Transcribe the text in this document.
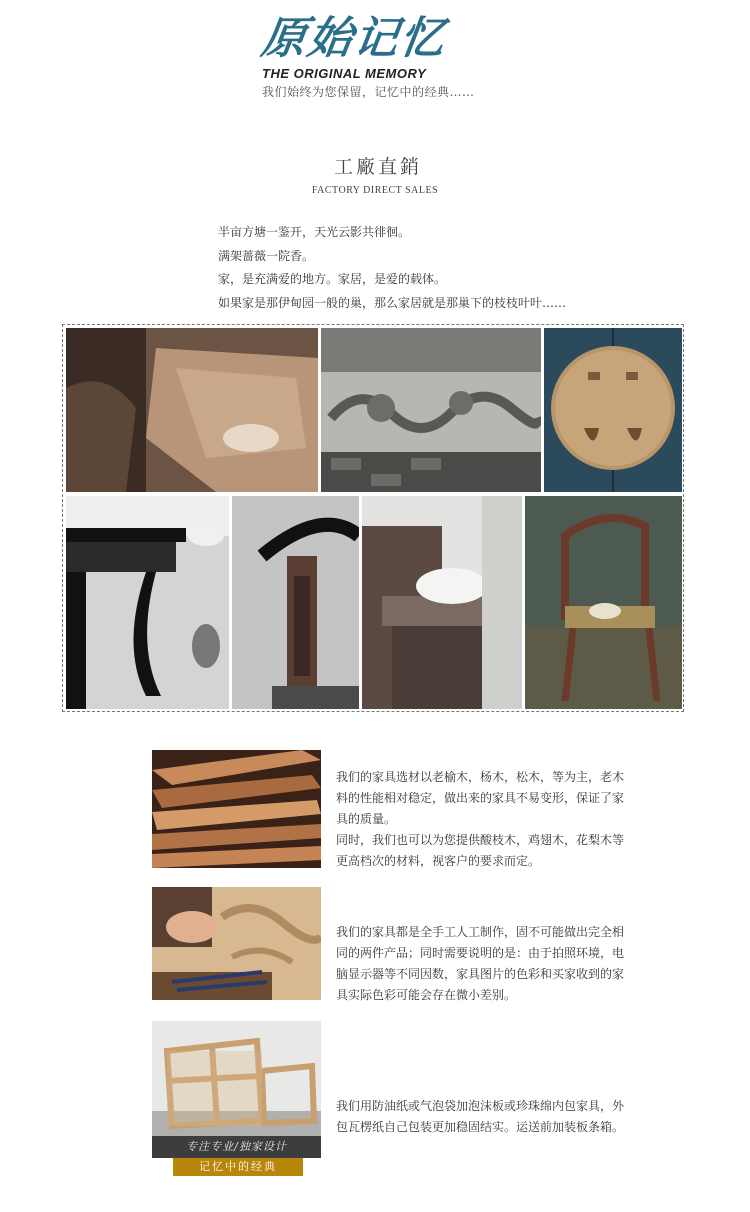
原始记忆
THE ORIGINAL MEMORY
我们始终为您保留，记忆中的经典……
工廠直銷
FACTORY DIRECT SALES
半亩方塘一鉴开，天光云影共徘徊。
满架蔷薇一院香。
家，是充满爱的地方。家居，是爱的载体。
如果家是那伊甸园一般的巢，那么家居就是那巢下的枝枝叶叶……
我们的家具选材以老榆木，杨木，松木，等为主，老木
料的性能相对稳定，做出来的家具不易变形，保证了家
具的质量。
同时，我们也可以为您提供酸枝木，鸡翅木，花梨木等
更高档次的材料，视客户的要求而定。
我们的家具都是全手工人工制作，固不可能做出完全相
同的两件产品；同时需要说明的是：由于拍照环境，电
脑显示器等不同因数，家具图片的色彩和买家收到的家
具实际色彩可能会存在微小差别。
专注专业/独家设计
记忆中的经典
我们用防油纸或气泡袋加泡沫板或珍珠绵内包家具，外
包瓦楞纸自己包装更加稳固结实。运送前加装板条箱。
